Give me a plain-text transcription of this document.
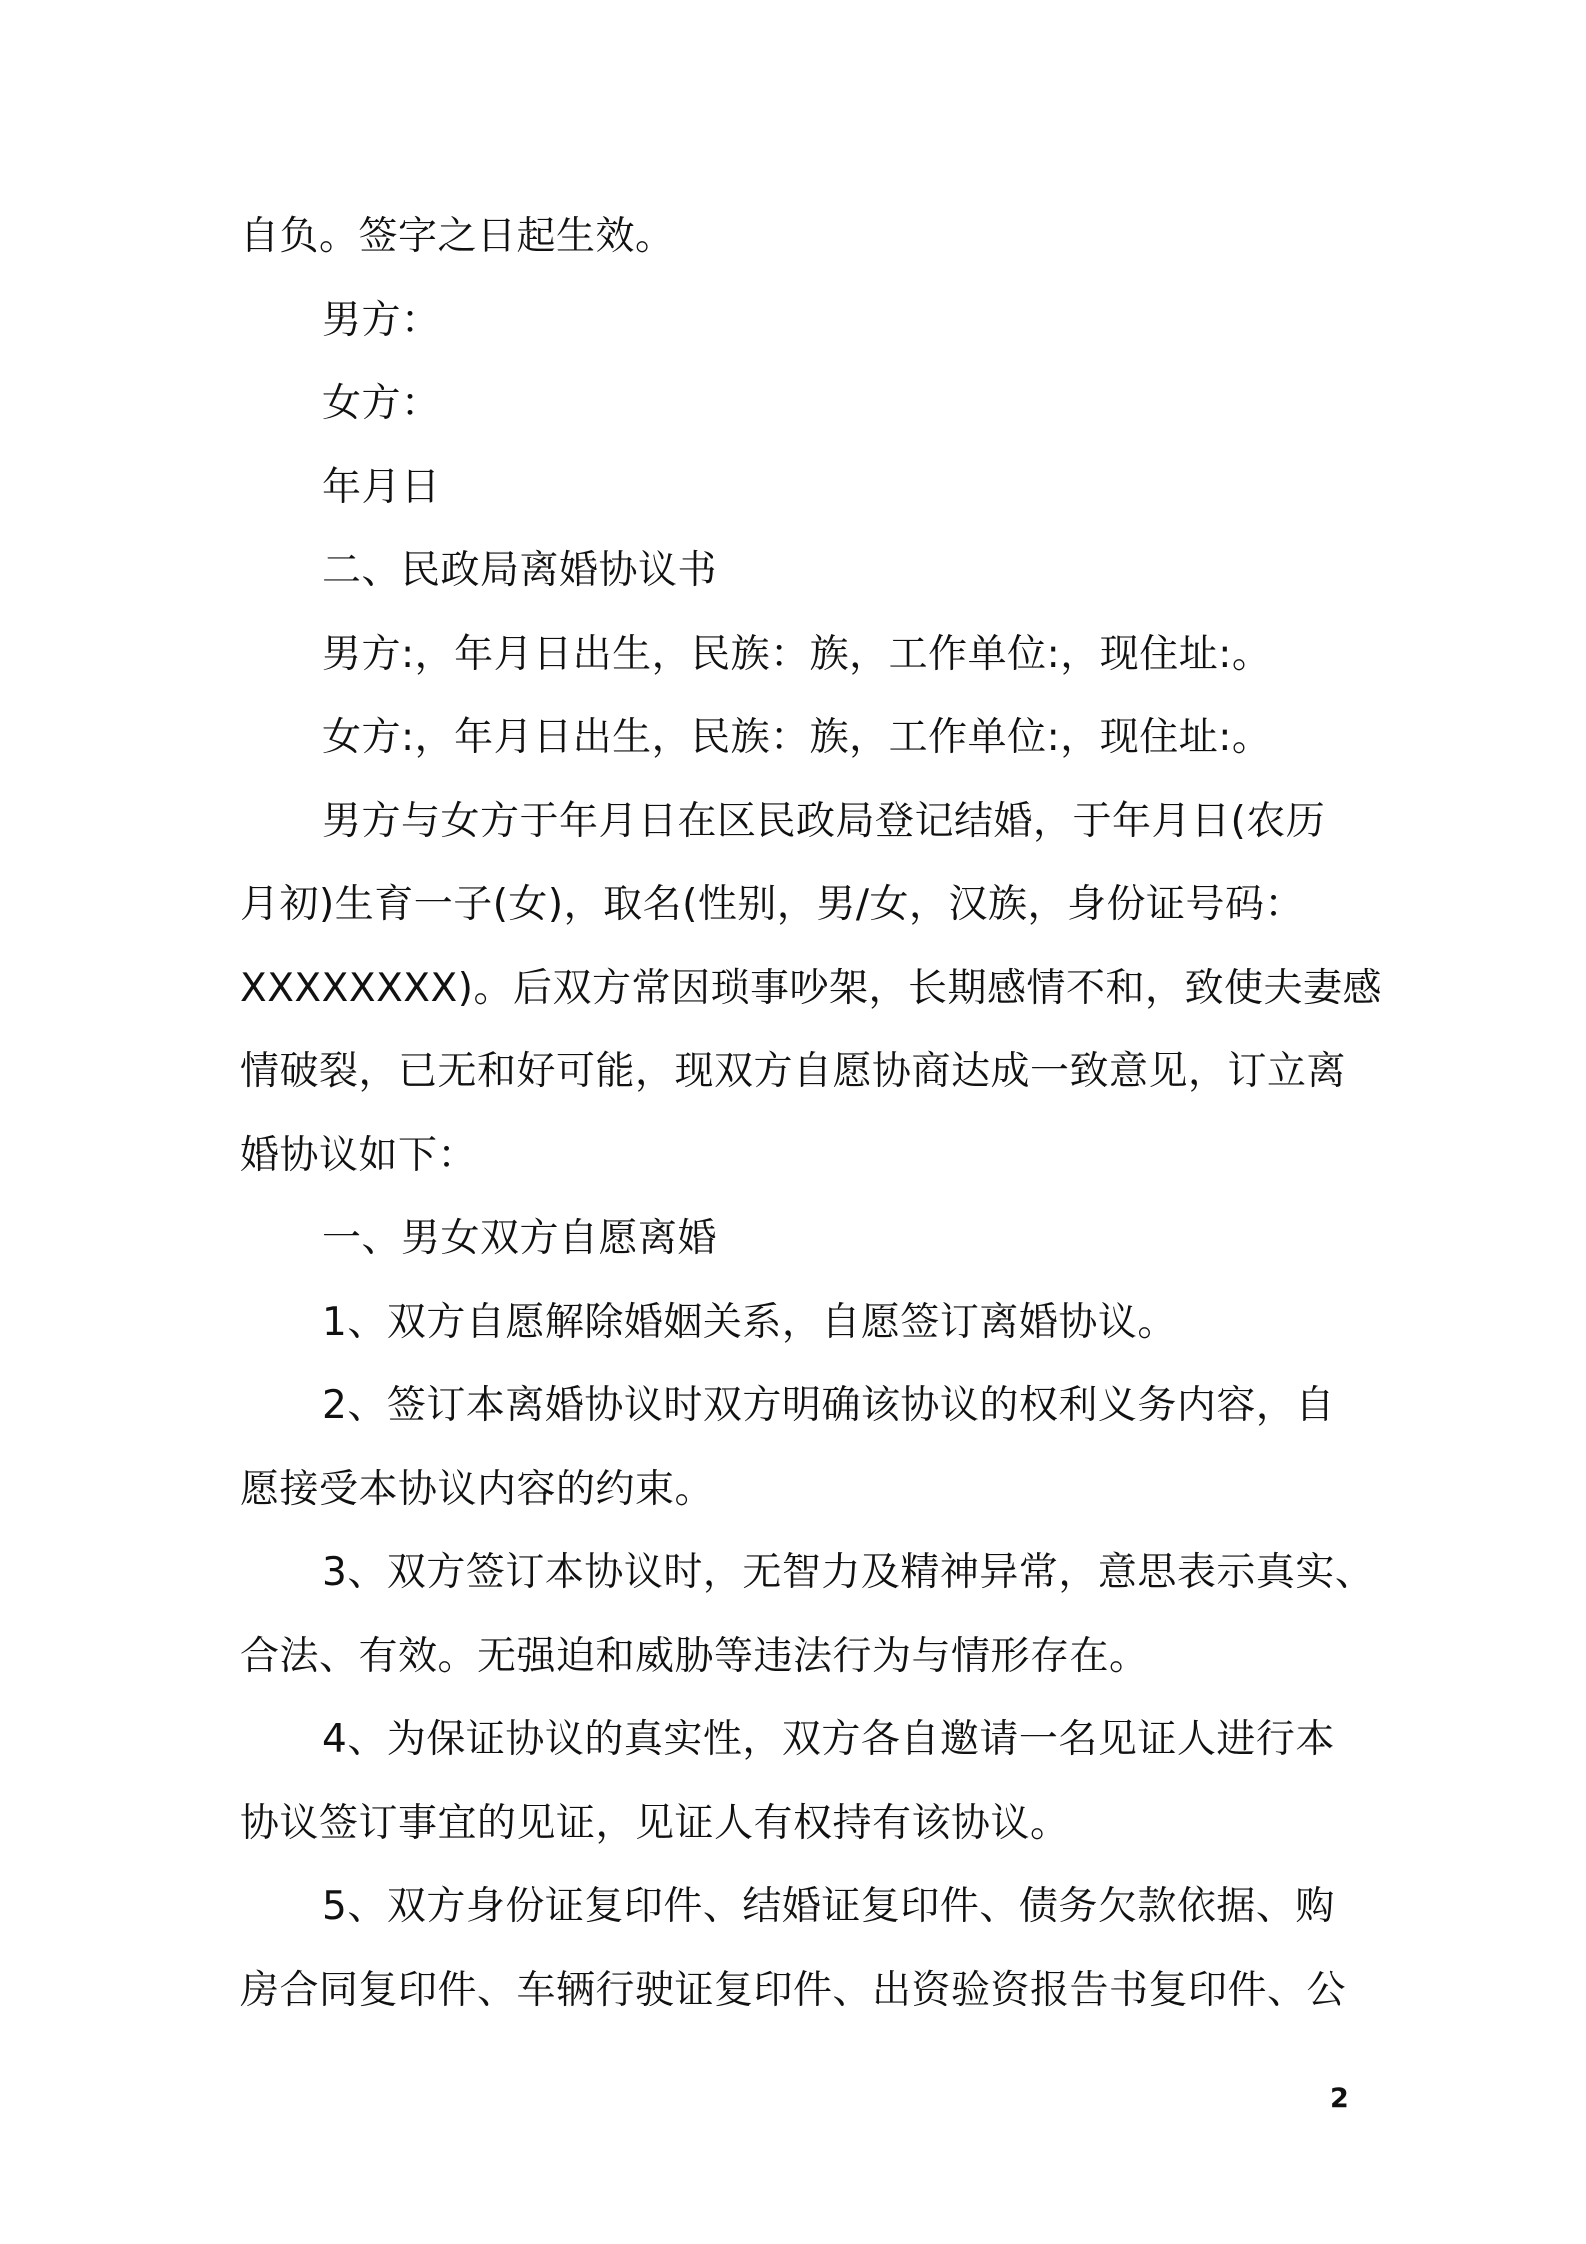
自负。签字之日起生效。
男方：
女方：
年月日
二、民政局离婚协议书
男方:，年月日出生，民族：族，工作单位:，现住址:。
女方:，年月日出生，民族：族，工作单位:，现住址:。
男方与女方于年月日在区民政局登记结婚，于年月日(农历
月初)生育一子(女)，取名(性别，男/女，汉族，身份证号码：
XXXXXXXX)。后双方常因琐事吵架，长期感情不和，致使夫妻感
情破裂，已无和好可能，现双方自愿协商达成一致意见，订立离
婚协议如下：
一、男女双方自愿离婚
1、双方自愿解除婚姻关系，自愿签订离婚协议。
2、签订本离婚协议时双方明确该协议的权利义务内容，自
愿接受本协议内容的约束。
3、双方签订本协议时，无智力及精神异常，意思表示真实、
合法、有效。无强迫和威胁等违法行为与情形存在。
4、为保证协议的真实性，双方各自邀请一名见证人进行本
协议签订事宜的见证，见证人有权持有该协议。
5、双方身份证复印件、结婚证复印件、债务欠款依据、购
房合同复印件、车辆行驶证复印件、出资验资报告书复印件、公
2
